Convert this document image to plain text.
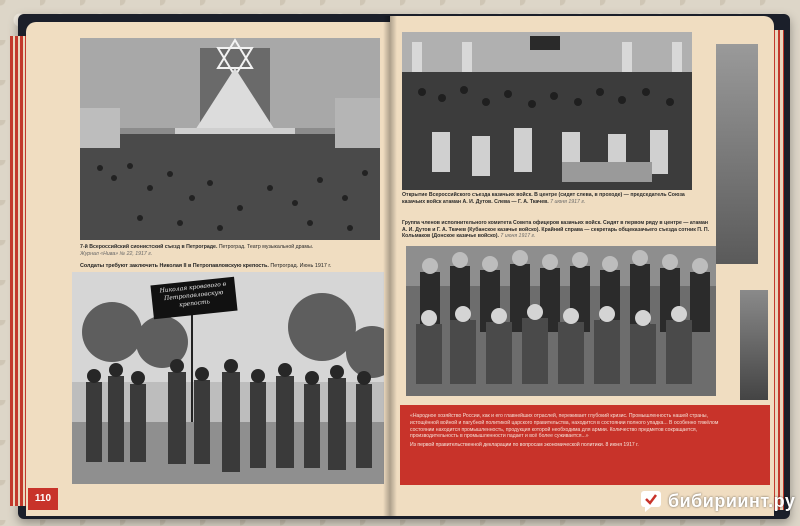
7-й Всероссийский сионистский съезд в Петрограде. Петроград. Театр музыкальной драмы.
Журнал «Нива» № 22, 1917 г.
Солдаты требуют заключить Николая II в Петропавловскую крепость. Петроград. Июнь 1917 г.
Николая кровавого в Петропавловскую крепость
110
Открытие Всероссийского съезда казачьих войск. В центре (сидят слева, в проходе) — председатель Союза казачьих войск атаман А. И. Дутов. Слева — Г. А. Ткачев. 7 июня 1917 г.
Группа членов исполнительного комитета Совета офицеров казачьих войск. Сидят в первом ряду в центре — атаман А. И. Дутов и Г. А. Ткачев (Кубанское казачье войско). Крайний справа — секретарь общеказачьего съезда сотник П. П. Кольмаков (Донское казачье войско). 7 июня 1917 г.
«Народное хозяйство России, как и его главнейших отраслей, переживает глубокий кризис. Промышленность нашей страны, истощённой войной и пагубной политикой царского правительства, находится в состоянии полного упадка... В особенно тяжёлом состоянии находится промышленность, продукция которой необходима для армии. Количество предметов сокращается, производительность в промышленности падает и всё более суживается...»
Из первой правительственной декларации по вопросам экономической политики. 8 июня 1917 г.
бибириинт.ру
